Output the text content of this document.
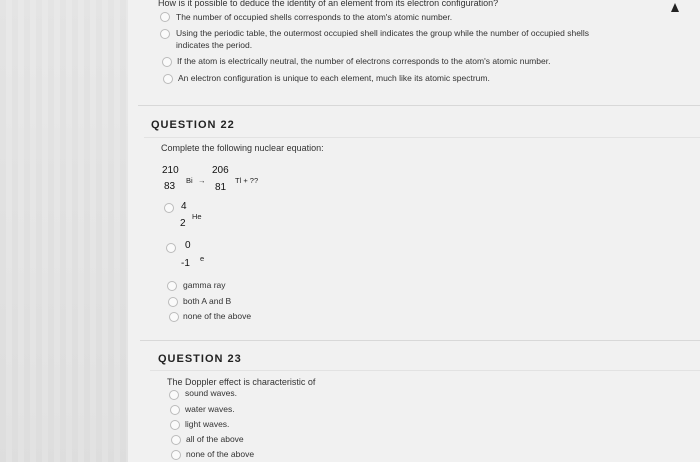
How is it possible to deduce the identity of an element from its electron configuration?
The number of occupied shells corresponds to the atom's atomic number.
Using the periodic table, the outermost occupied shell indicates the group while the number of occupied shells
indicates the period.
If the atom is electrically neutral, the number of electrons corresponds to the atom's atomic number.
An electron configuration is unique to each element, much like its atomic spectrum.
QUESTION 22
Complete the following nuclear equation:
210
83
Bi →
206
81
Tl + ??
4
2
He
0
-1 e
gamma ray
both A and B
none of the above
QUESTION 23
The Doppler effect is characteristic of
sound waves.
water waves.
light waves.
all of the above
none of the above
